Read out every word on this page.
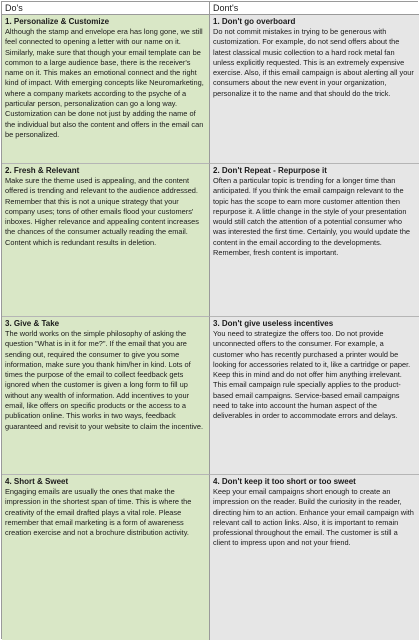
Do's	Dont's
1. Personalize & Customize
Although the stamp and envelope era has long gone, we still feel connected to opening a letter with our name on it. Similarly, make sure that though your email template can be common to a large audience base, there is the receiver's name on it. This makes an emotional connect and the right kind of impact. With emerging concepts like Neuromarketing, where a company markets according to the psyche of a particular person, personalization can go a long way. Customization can be done not just by adding the name of the individual but also the content and offers in the email can be personalized.
1. Don't go overboard
Do not commit mistakes in trying to be generous with customization. For example, do not send offers about the latest classical music collection to a hard rock metal fan unless explicitly requested. This is an extremely expensive exercise. Also, if this email campaign is about alerting all your consumers about the new event in your organization, personalize it to the name and that should do the trick.
2. Fresh & Relevant
Make sure the theme used is appealing, and the content offered is trending and relevant to the audience addressed. Remember that this is not a unique strategy that your company uses; tons of other emails flood your customers' inboxes. Higher relevance and appealing content increases the chances of the consumer actually reading the email. Content which is redundant results in deletion.
2. Don't Repeat - Repurpose it
Often a particular topic is trending for a longer time than anticipated. If you think the email campaign relevant to the topic has the scope to earn more customer attention then repurpose it. A little change in the style of your presentation would still catch the attention of a potential consumer who was interested the first time. Certainly, you would update the content in the email according to the developments. Remember, fresh content is important.
3. Give & Take
The world works on the simple philosophy of asking the question "What is in it for me?". If the email that you are sending out, required the consumer to give you some information, make sure you thank him/her in kind. Lots of times the purpose of the email to collect feedback gets ignored when the customer is given a long form to fill up without any wealth of information. Add incentives to your email, like offers on specific products or the access to a publication online. This works in two ways, feedback guaranteed and revisit to your website to claim the incentive.
3. Don't give useless incentives
You need to strategize the offers too. Do not provide unconnected offers to the consumer. For example, a customer who has recently purchased a printer would be looking for accessories related to it, like a cartridge or paper. Keep this in mind and do not offer him anything irrelevant. This email campaign rule specially applies to the product-based email campaigns. Service-based email campaigns need to take into account the human aspect of the deliverables in order to accommodate errors and delays.
4. Short & Sweet
Engaging emails are usually the ones that make the impression in the shortest span of time. This is where the creativity of the email drafted plays a vital role. Please remember that email marketing is a form of awareness creation exercise and not a brochure distribution activity.
4. Don't keep it too short or too sweet
Keep your email campaigns short enough to create an impression on the reader. Build the curiosity in the reader, directing him to an action. Enhance your email campaign with relevant call to action links. Also, it is important to remain professional throughout the email. The customer is still a client to impress upon and not your friend.
